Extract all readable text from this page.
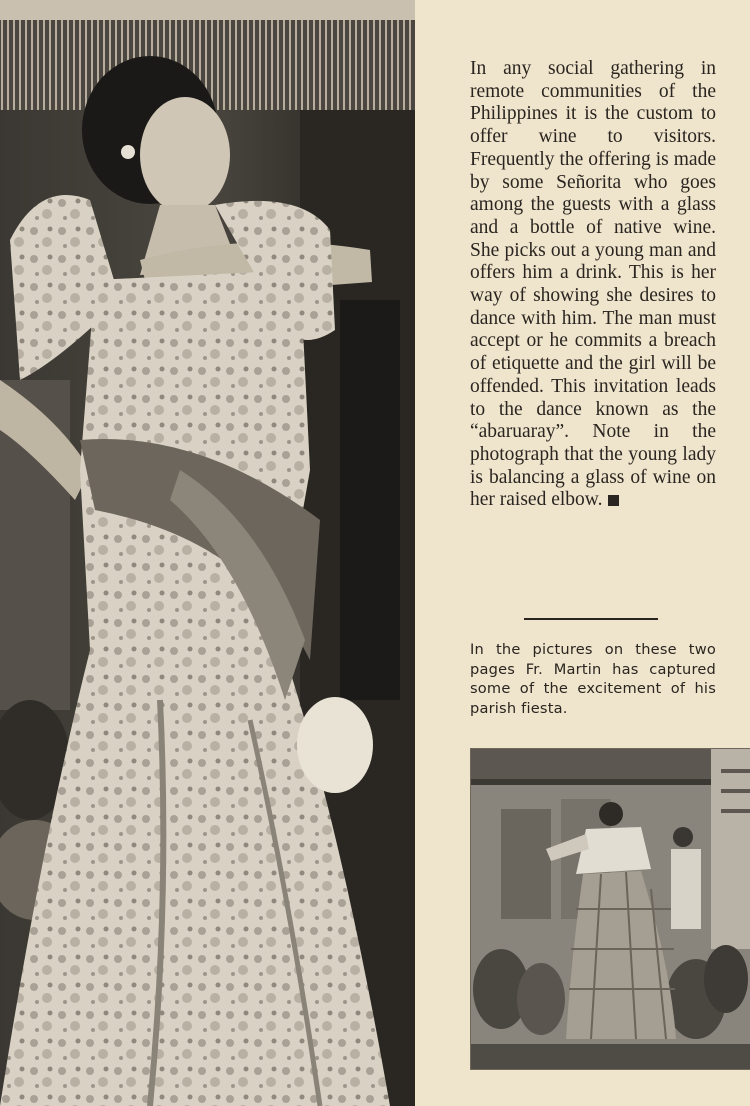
In any social gathering in remote communities of the Philippines it is the custom to offer wine to visitors. Frequently the offering is made by some Señorita who goes among the guests with a glass and a bottle of native wine. She picks out a young man and offers him a drink. This is her way of showing she desires to dance with him. The man must accept or he commits a breach of etiquette and the girl will be offended. This invitation leads to the dance known as the “abaruaray”. Note in the photograph that the young lady is balancing a glass of wine on her raised elbow.

In the pictures on these two pages Fr. Martin has captured some of the excitement of his parish fiesta.
